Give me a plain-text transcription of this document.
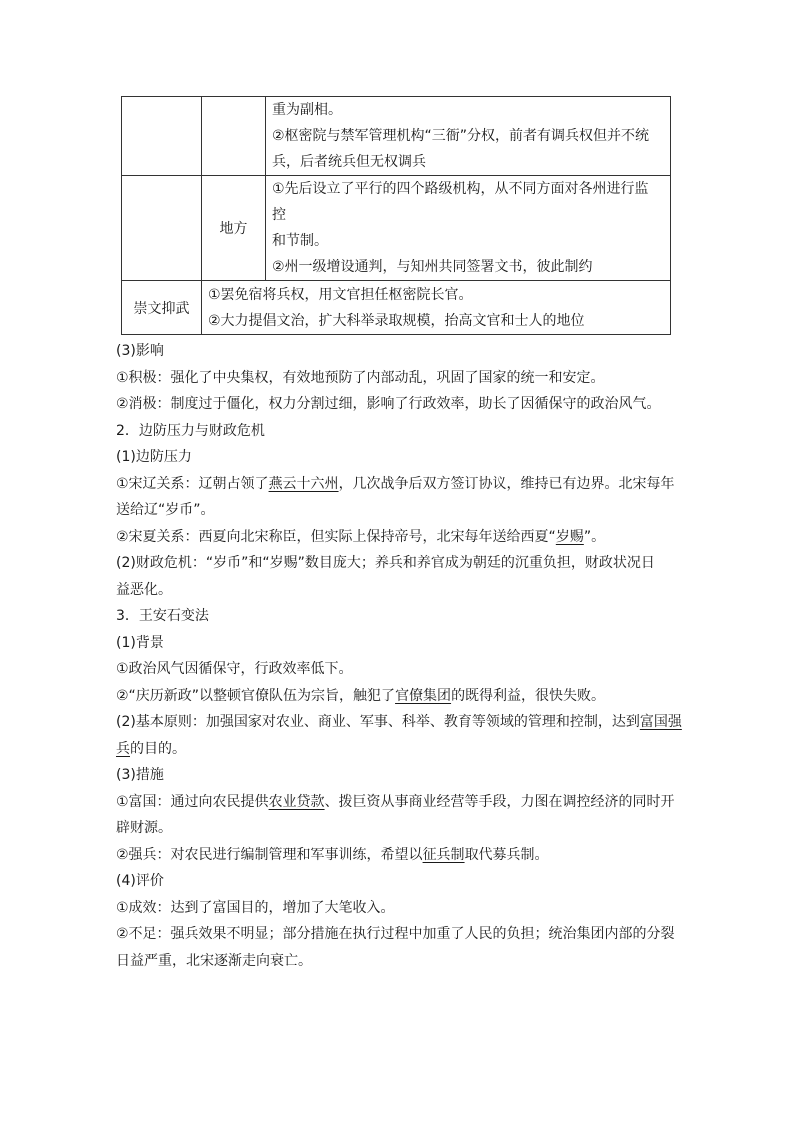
		重为副相。
②枢密院与禁军管理机构“三衙”分权，前者有调兵权但并不统
兵，后者统兵但无权调兵

	地方	①先后设立了平行的四个路级机构，从不同方面对各州进行监控
和节制。
②州一级增设通判，与知州共同签署文书，彼此制约

崇文抑武	①罢免宿将兵权，用文官担任枢密院长官。
②大力提倡文治，扩大科举录取规模，抬高文官和士人的地位	
(3)影响
①积极：强化了中央集权，有效地预防了内部动乱，巩固了国家的统一和安定。
②消极：制度过于僵化，权力分割过细，影响了行政效率，助长了因循保守的政治风气。
2．边防压力与财政危机
(1)边防压力
①宋辽关系：辽朝占领了燕云十六州，几次战争后双方签订协议，维持已有边界。北宋每年
送给辽“岁币”。
②宋夏关系：西夏向北宋称臣，但实际上保持帝号，北宋每年送给西夏“岁赐”。
(2)财政危机：“岁币”和“岁赐”数目庞大；养兵和养官成为朝廷的沉重负担，财政状况日
益恶化。
3．王安石变法
(1)背景
①政治风气因循保守，行政效率低下。
②“庆历新政”以整顿官僚队伍为宗旨，触犯了官僚集团的既得利益，很快失败。
(2)基本原则：加强国家对农业、商业、军事、科举、教育等领域的管理和控制，达到富国强
兵的目的。
(3)措施
①富国：通过向农民提供农业贷款、拨巨资从事商业经营等手段，力图在调控经济的同时开
辟财源。
②强兵：对农民进行编制管理和军事训练，希望以征兵制取代募兵制。
(4)评价
①成效：达到了富国目的，增加了大笔收入。
②不足：强兵效果不明显；部分措施在执行过程中加重了人民的负担；统治集团内部的分裂
日益严重，北宋逐渐走向衰亡。
